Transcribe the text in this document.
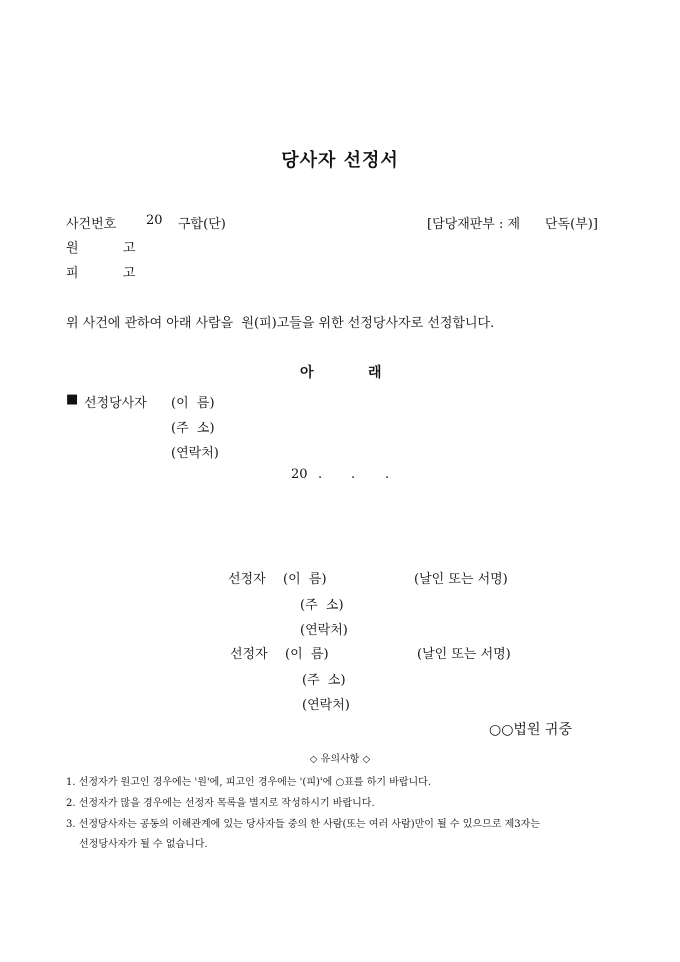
당사자 선정서
사건번호 20 구합(단)	[담당재판부 : 제 단독(부)]
원  고
피  고
위 사건에 관하여 아래 사람을  원(피)고들을 위한 선정당사자로 선정합니다.
아	래
■ 선정당사자 (이  름)
(주  소)
(연락처)
20 . . .
선정자 (이  름)	(날인 또는 서명)
(주  소)
(연락처)
선정자 (이  름)	(날인 또는 서명)
(주  소)
(연락처)
○○법원 귀중
◇ 유의사항 ◇
1. 선정자가 원고인 경우에는 '원'에, 피고인 경우에는 '(피)'에 ○표를 하기 바랍니다.
2. 선정자가 많을 경우에는 선정자 목록을 별지로 작성하시기 바랍니다.
3. 선정당사자는 공동의 이해관계에 있는 당사자들 중의 한 사람(또는 여러 사람)만이 될 수 있으므로 제3자는
선정당사자가 될 수 없습니다.
